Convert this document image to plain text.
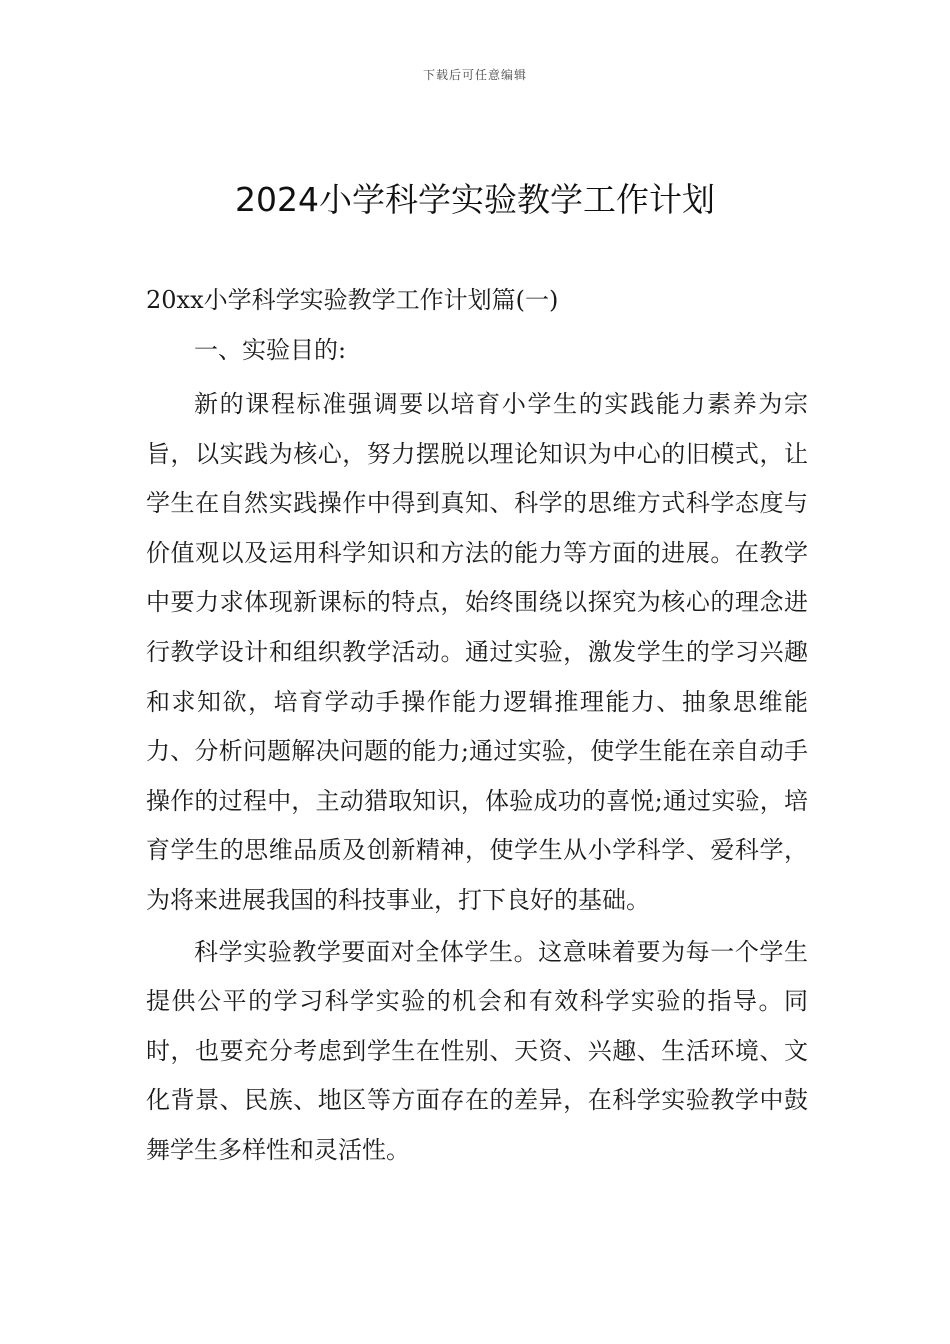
下载后可任意编辑
2024小学科学实验教学工作计划
20xx小学科学实验教学工作计划篇(一)
一、实验目的:

新的课程标准强调要以培育小学生的实践能力素养为宗旨，以实践为核心，努力摆脱以理论知识为中心的旧模式，让学生在自然实践操作中得到真知、科学的思维方式科学态度与价值观以及运用科学知识和方法的能力等方面的进展。在教学中要力求体现新课标的特点，始终围绕以探究为核心的理念进行教学设计和组织教学活动。通过实验，激发学生的学习兴趣和求知欲，培育学动手操作能力逻辑推理能力、抽象思维能力、分析问题解决问题的能力;通过实验，使学生能在亲自动手操作的过程中，主动猎取知识，体验成功的喜悦;通过实验，培育学生的思维品质及创新精神，使学生从小学科学、爱科学，为将来进展我国的科技事业，打下良好的基础。

科学实验教学要面对全体学生。这意味着要为每一个学生提供公平的学习科学实验的机会和有效科学实验的指导。同时，也要充分考虑到学生在性别、天资、兴趣、生活环境、文化背景、民族、地区等方面存在的差异，在科学实验教学中鼓舞学生多样性和灵活性。
